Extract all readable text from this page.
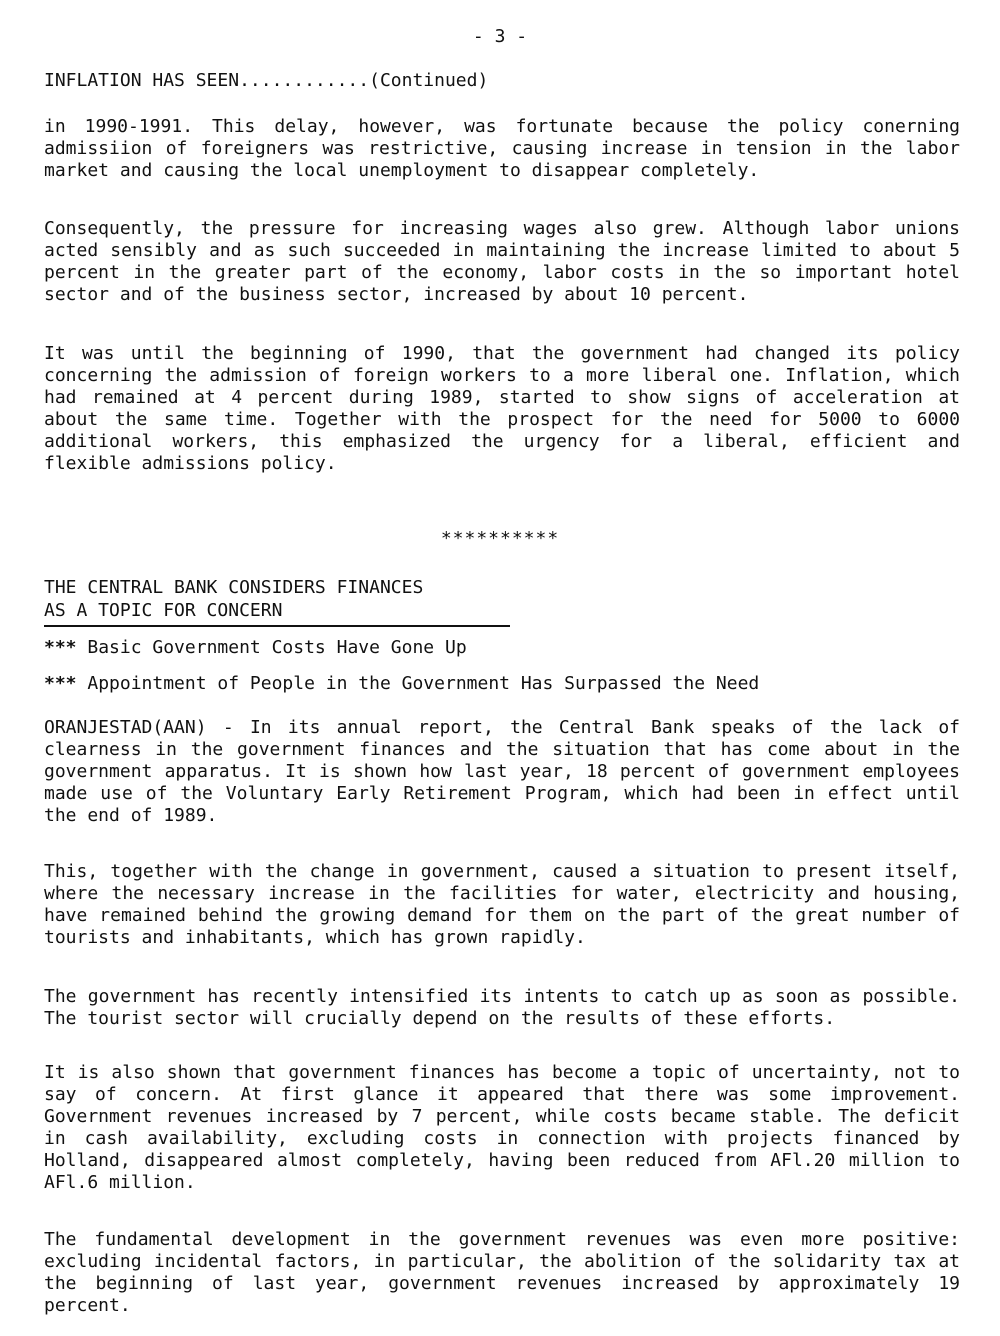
- 3 -
INFLATION HAS SEEN............(Continued)

in 1990-1991. This delay, however, was fortunate because the policy conerning admissiion of foreigners was restrictive, causing increase in tension in the labor market and causing the local unemployment to disappear completely.

Consequently, the pressure for increasing wages also grew. Although labor unions acted sensibly and as such succeeded in maintaining the increase limited to about 5 percent in the greater part of the economy, labor costs in the so important hotel sector and of the business sector, increased by about 10 percent.

It was until the beginning of 1990, that the government had changed its policy concerning the admission of foreign workers to a more liberal one. Inflation, which had remained at 4 percent during 1989, started to show signs of acceleration at about the same time. Together with the prospect for the need for 5000 to 6000 additional workers, this emphasized the urgency for a liberal, efficient and flexible admissions policy.

**********
THE CENTRAL BANK CONSIDERS FINANCES
AS A TOPIC FOR CONCERN
*** Basic Government Costs Have Gone Up
*** Appointment of People in the Government Has Surpassed the Need

ORANJESTAD(AAN) - In its annual report, the Central Bank speaks of the lack of clearness in the government finances and the situation that has come about in the government apparatus. It is shown how last year, 18 percent of government employees made use of the Voluntary Early Retirement Program, which had been in effect until the end of 1989.

This, together with the change in government, caused a situation to present itself, where the necessary increase in the facilities for water, electricity and housing, have remained behind the growing demand for them on the part of the great number of tourists and inhabitants, which has grown rapidly.

The government has recently intensified its intents to catch up as soon as possible. The tourist sector will crucially depend on the results of these efforts.

It is also shown that government finances has become a topic of uncertainty, not to say of concern. At first glance it appeared that there was some improvement. Government revenues increased by 7 percent, while costs became stable. The deficit in cash availability, excluding costs in connection with projects financed by Holland, disappeared almost completely, having been reduced from AFl.20 million to AFl.6 million.

The fundamental development in the government revenues was even more positive: excluding incidental factors, in particular, the abolition of the solidarity tax at the beginning of last year, government revenues increased by approximately 19 percent.
